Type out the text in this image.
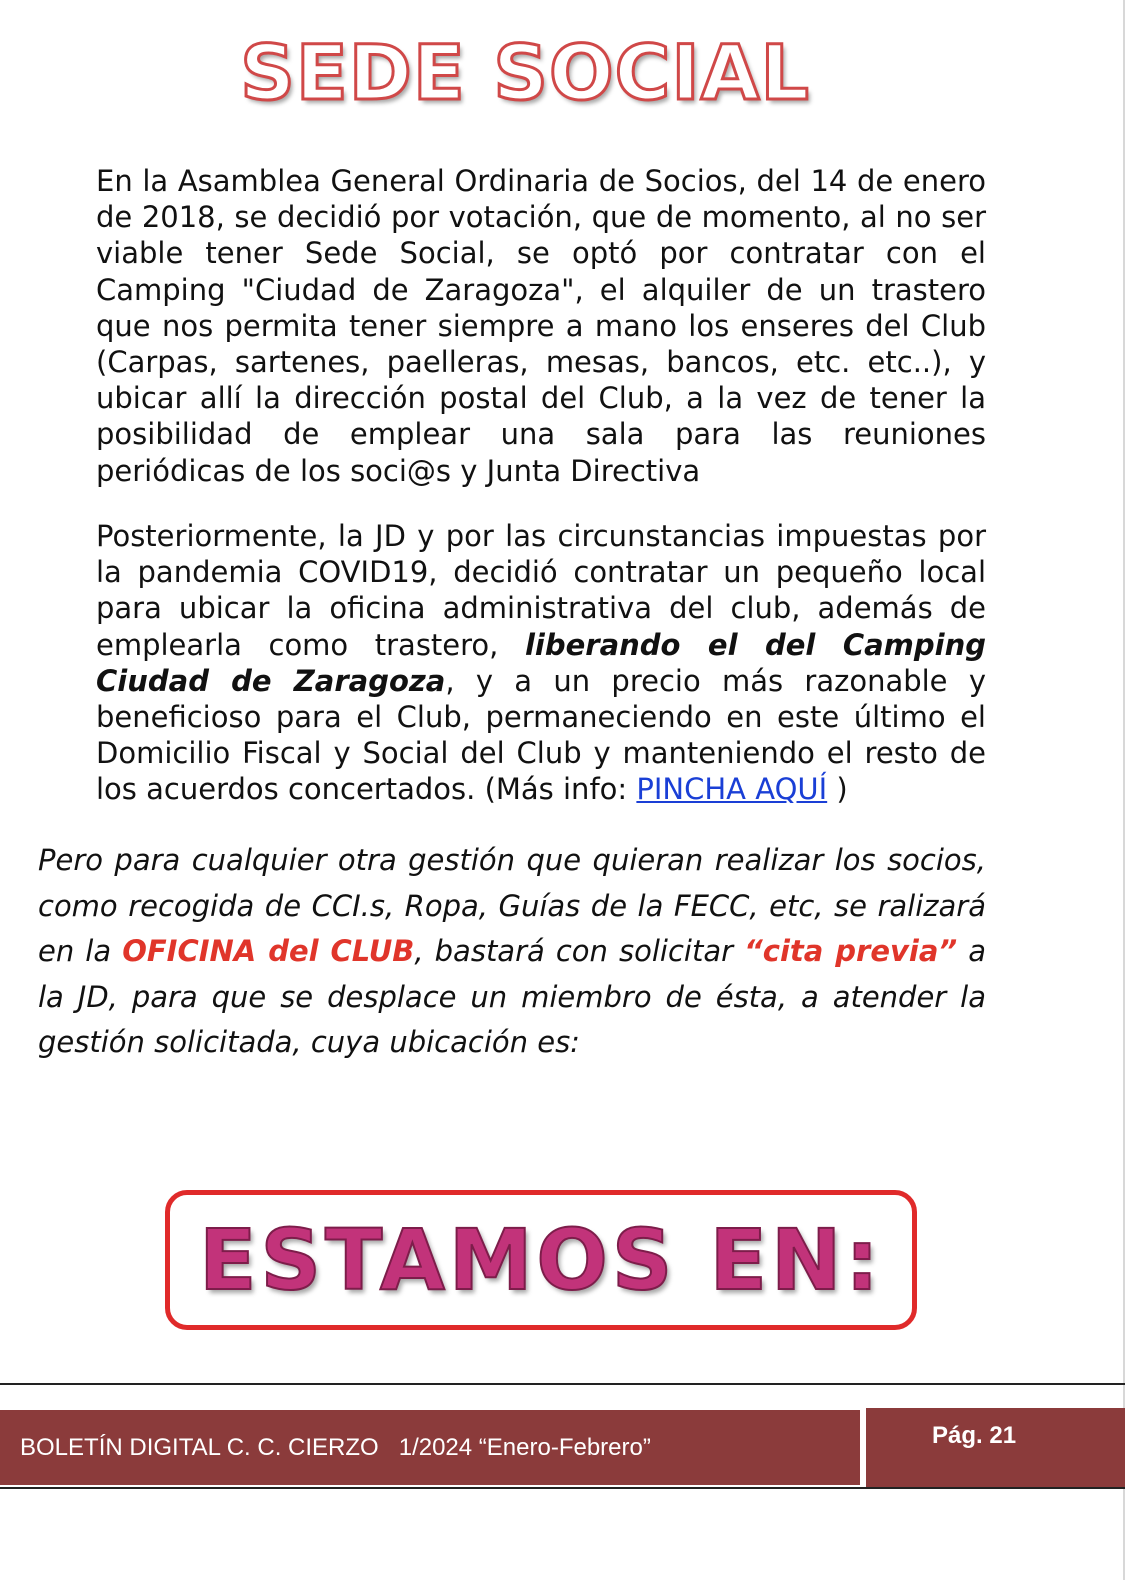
SEDE SOCIAL
En la Asamblea General Ordinaria de Socios, del 14 de enero de 2018, se decidió por votación, que de momento, al no ser viable tener Sede Social, se optó por contratar con el Camping "Ciudad de Zaragoza", el alquiler de un trastero que nos permita tener siempre a mano los enseres del Club (Carpas, sartenes, paelleras, mesas, bancos, etc. etc..), y ubicar allí la dirección postal del Club, a la vez de tener la posibilidad de emplear una sala para las reuniones periódicas de los soci@s y Junta Directiva
Posteriormente, la JD y por las circunstancias impuestas por la pandemia COVID19, decidió contratar un pequeño local para ubicar la oficina administrativa del club, además de emplearla como trastero, liberando el del Camping Ciudad de Zaragoza, y a un precio más razonable y beneficioso para el Club, permaneciendo en este último el Domicilio Fiscal y Social del Club y manteniendo el resto de los acuerdos concertados. (Más info: PINCHA AQUÍ )
Pero para cualquier otra gestión que quieran realizar los socios, como recogida de CCI.s, Ropa, Guías de la FECC, etc, se ralizará en la OFICINA del CLUB, bastará con solicitar “cita previa” a la JD, para que se desplace un miembro de ésta, a atender la gestión solicitada, cuya ubicación es:
ESTAMOS EN:
BOLETÍN DIGITAL C. C. CIERZO   1/2024 “Enero-Febrero”	Pág. 21
